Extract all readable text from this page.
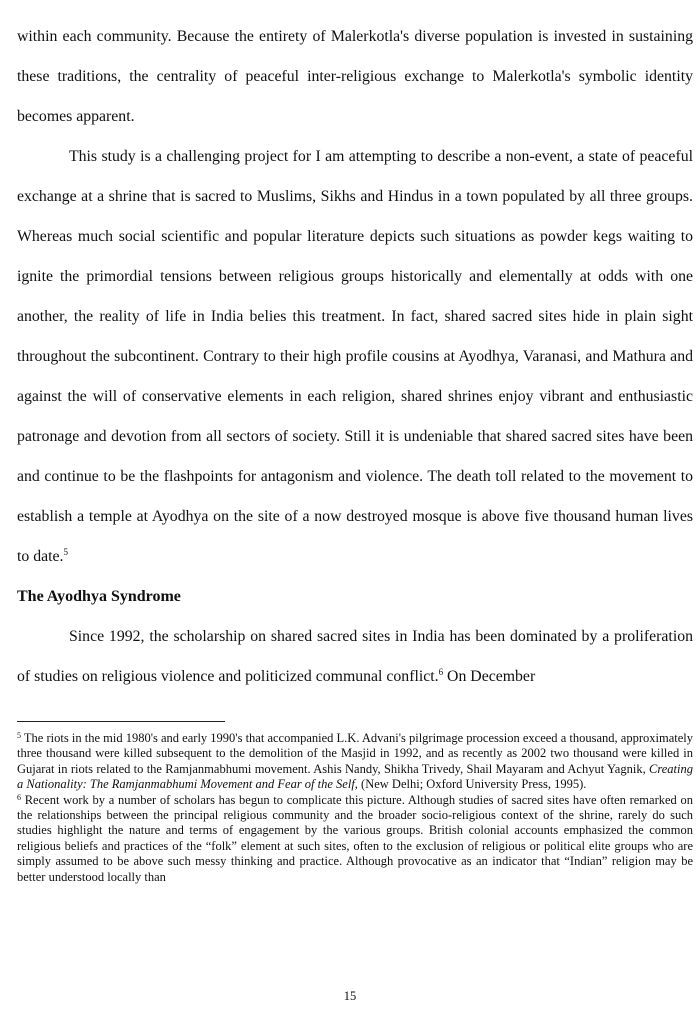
within each community. Because the entirety of Malerkotla's diverse population is invested in sustaining these traditions, the centrality of peaceful inter-religious exchange to Malerkotla's symbolic identity becomes apparent.

This study is a challenging project for I am attempting to describe a non-event, a state of peaceful exchange at a shrine that is sacred to Muslims, Sikhs and Hindus in a town populated by all three groups. Whereas much social scientific and popular literature depicts such situations as powder kegs waiting to ignite the primordial tensions between religious groups historically and elementally at odds with one another, the reality of life in India belies this treatment. In fact, shared sacred sites hide in plain sight throughout the subcontinent. Contrary to their high profile cousins at Ayodhya, Varanasi, and Mathura and against the will of conservative elements in each religion, shared shrines enjoy vibrant and enthusiastic patronage and devotion from all sectors of society. Still it is undeniable that shared sacred sites have been and continue to be the flashpoints for antagonism and violence. The death toll related to the movement to establish a temple at Ayodhya on the site of a now destroyed mosque is above five thousand human lives to date.$^5$

The Ayodhya Syndrome

Since 1992, the scholarship on shared sacred sites in India has been dominated by a proliferation of studies on religious violence and politicized communal conflict.$^6$ On December

$^5$ The riots in the mid 1980's and early 1990's that accompanied L.K. Advani's pilgrimage procession exceed a thousand, approximately three thousand were killed subsequent to the demolition of the Masjid in 1992, and as recently as 2002 two thousand were killed in Gujarat in riots related to the Ramjanmabhumi movement. Ashis Nandy, Shikha Trivedy, Shail Mayaram and Achyut Yagnik, Creating a Nationality: The Ramjanmabhumi Movement and Fear of the Self, (New Delhi; Oxford University Press, 1995).

$^6$ Recent work by a number of scholars has begun to complicate this picture. Although studies of sacred sites have often remarked on the relationships between the principal religious community and the broader socio-religious context of the shrine, rarely do such studies highlight the nature and terms of engagement by the various groups. British colonial accounts emphasized the common religious beliefs and practices of the “folk” element at such sites, often to the exclusion of religious or political elite groups who are simply assumed to be above such messy thinking and practice. Although provocative as an indicator that “Indian” religion may be better understood locally than

15
